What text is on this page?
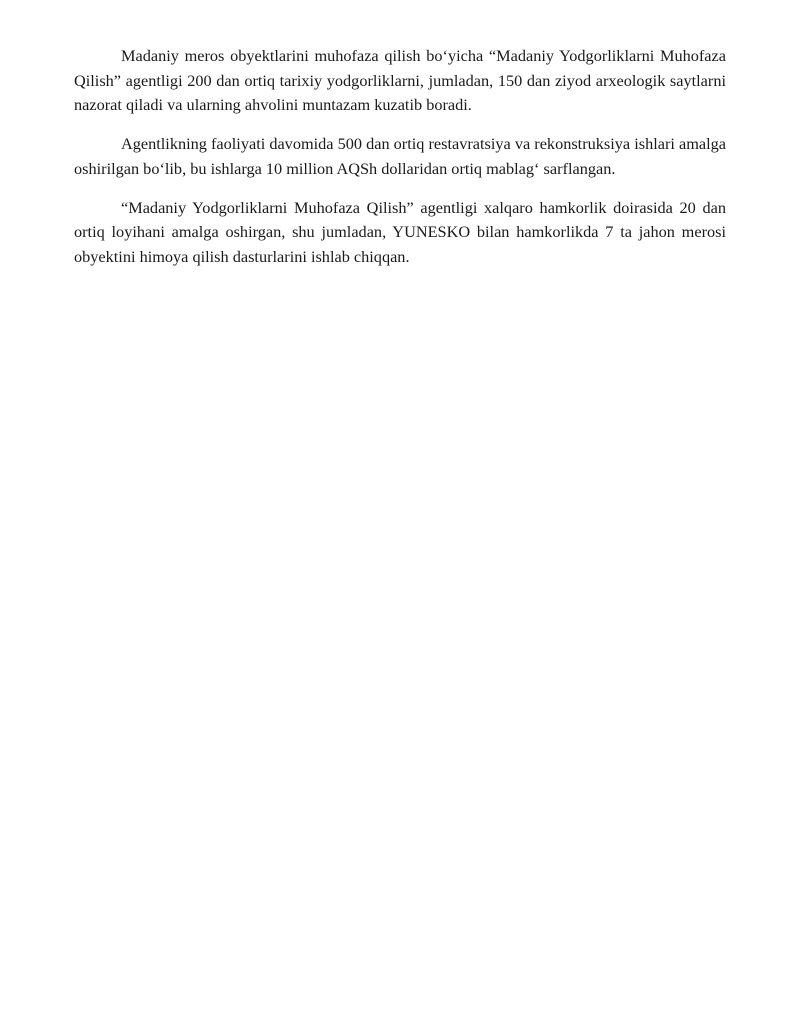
Madaniy meros obyektlarini muhofaza qilish bo‘yicha “Madaniy Yodgorliklarni Muhofaza Qilish” agentligi 200 dan ortiq tarixiy yodgorliklarni, jumladan, 150 dan ziyod arxeologik saytlarni nazorat qiladi va ularning ahvolini muntazam kuzatib boradi.

Agentlikning faoliyati davomida 500 dan ortiq restavratsiya va rekonstruksiya ishlari amalga oshirilgan bo‘lib, bu ishlarga 10 million AQSh dollaridan ortiq mablag‘ sarflangan.

“Madaniy Yodgorliklarni Muhofaza Qilish” agentligi xalqaro hamkorlik doirasida 20 dan ortiq loyihani amalga oshirgan, shu jumladan, YUNESKO bilan hamkorlikda 7 ta jahon merosi obyektini himoya qilish dasturlarini ishlab chiqqan.
